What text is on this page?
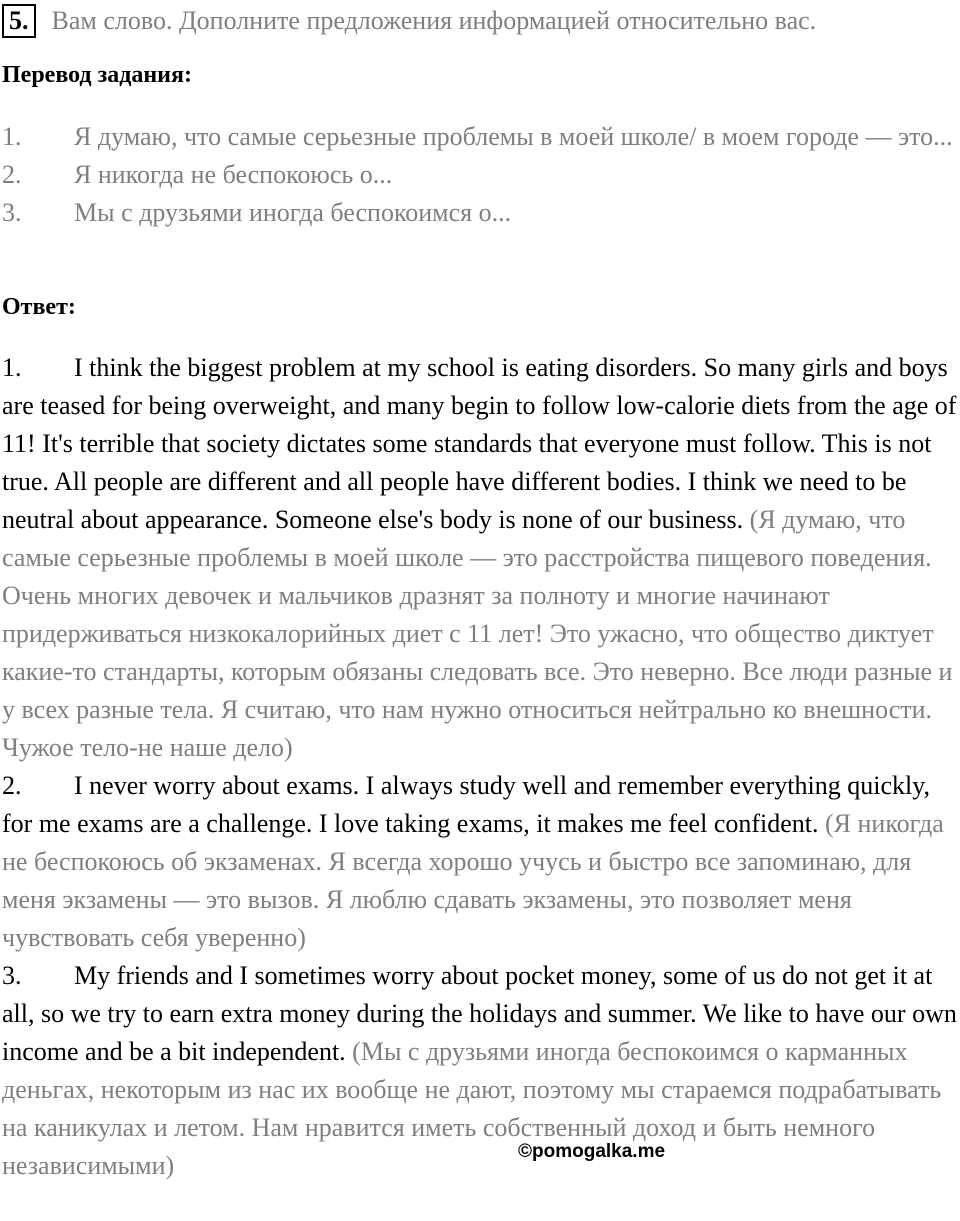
5. Вам слово. Дополните предложения информацией относительно вас.
Перевод задания:
1. Я думаю, что самые серьезные проблемы в моей школе/ в моем городе — это...
2. Я никогда не беспокоюсь о...
3. Мы с друзьями иногда беспокоимся о...
Ответ:
1. I think the biggest problem at my school is eating disorders. So many girls and boys are teased for being overweight, and many begin to follow low-calorie diets from the age of 11! It's terrible that society dictates some standards that everyone must follow. This is not true. All people are different and all people have different bodies. I think we need to be neutral about appearance. Someone else's body is none of our business. (Я думаю, что самые серьезные проблемы в моей школе — это расстройства пищевого поведения. Очень многих девочек и мальчиков дразнят за полноту и многие начинают придерживаться низкокалорийных диет с 11 лет! Это ужасно, что общество диктует какие-то стандарты, которым обязаны следовать все. Это неверно. Все люди разные и у всех разные тела. Я считаю, что нам нужно относиться нейтрально ко внешности. Чужое тело-не наше дело)
2. I never worry about exams. I always study well and remember everything quickly, for me exams are a challenge. I love taking exams, it makes me feel confident. (Я никогда не беспокоюсь об экзаменах. Я всегда хорошо учусь и быстро все запоминаю, для меня экзамены — это вызов. Я люблю сдавать экзамены, это позволяет меня чувствовать себя уверенно)
3. My friends and I sometimes worry about pocket money, some of us do not get it at all, so we try to earn extra money during the holidays and summer. We like to have our own income and be a bit independent. (Мы с друзьями иногда беспокоимся о карманных деньгах, некоторым из нас их вообще не дают, поэтому мы стараемся подрабатывать на каникулах и летом. Нам нравится иметь собственный доход и быть немного независимыми)	©pomogalka.me
